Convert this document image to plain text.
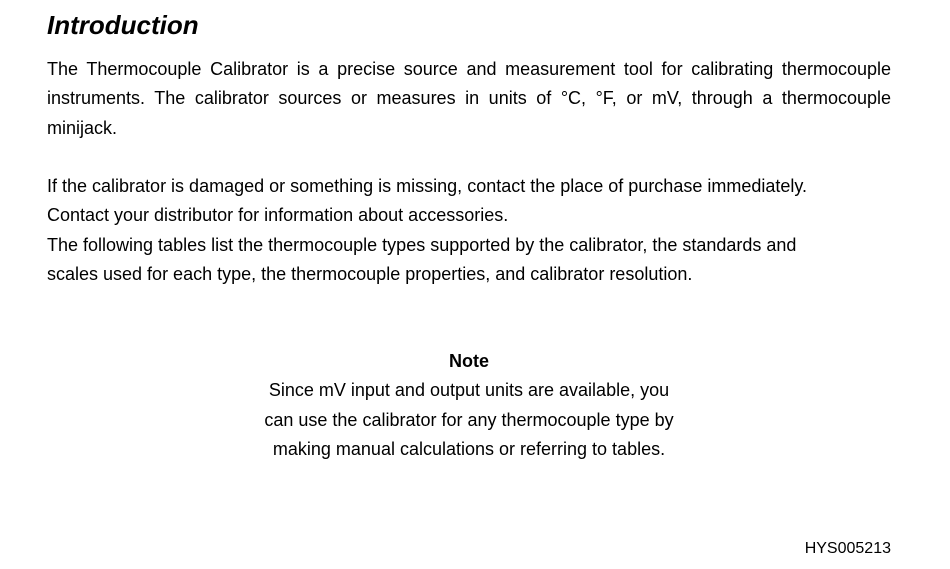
Introduction

The Thermocouple Calibrator is a precise source and measurement tool for calibrating thermocouple instruments. The calibrator sources or measures in units of °C, °F, or mV, through a thermocouple minijack.

If the calibrator is damaged or something is missing, contact the place of purchase immediately.
Contact your distributor for information about accessories.
The following tables list the thermocouple types supported by the calibrator, the standards and
scales used for each type, the thermocouple properties, and calibrator resolution.
Note
Since mV input and output units are available, you
can use the calibrator for any thermocouple type by
making manual calculations or referring to tables.
HYS005213
